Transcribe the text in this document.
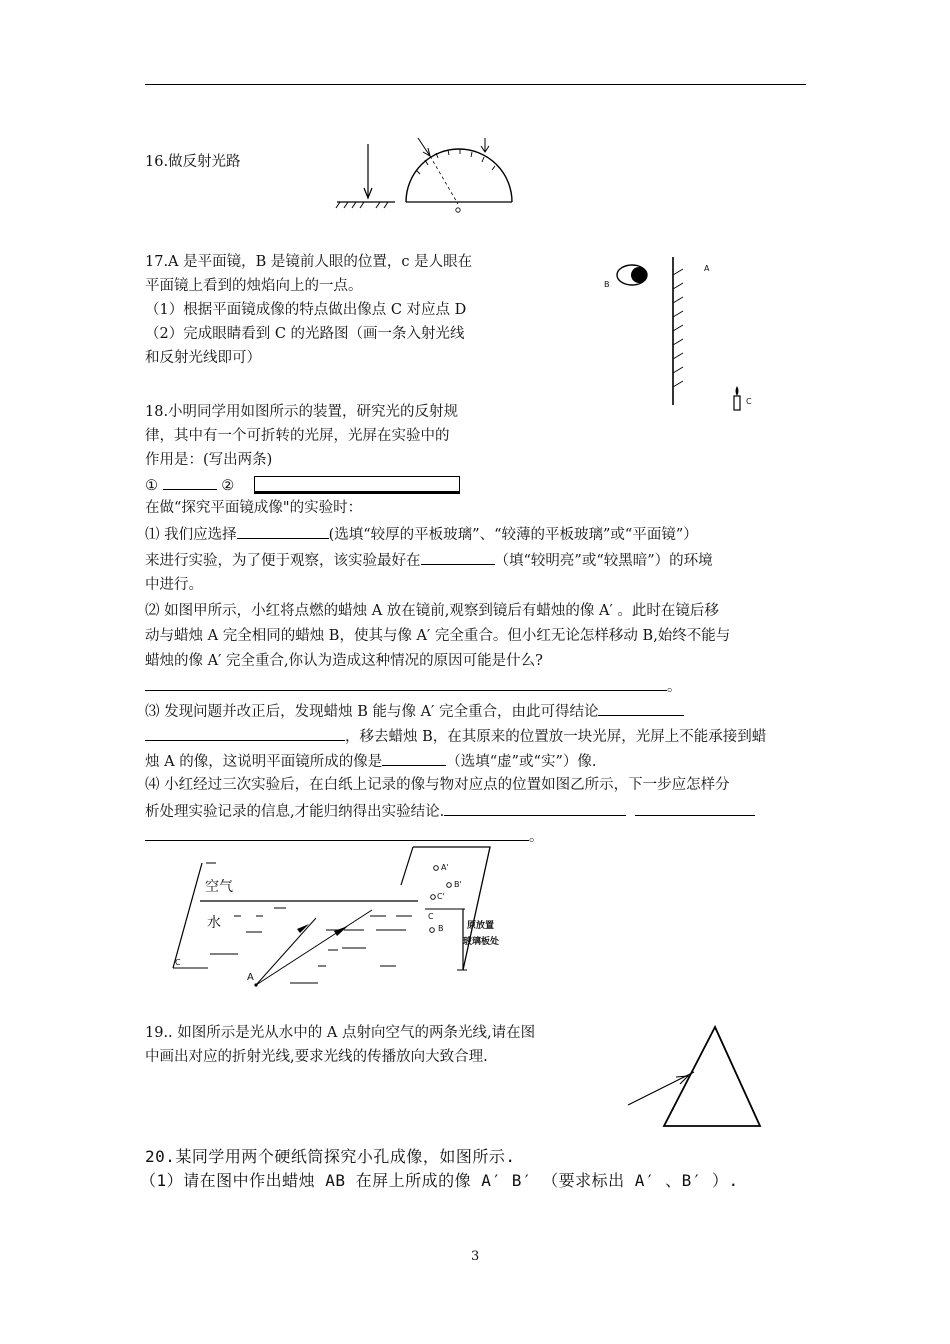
16.做反射光路
17.A 是平面镜，B 是镜前人眼的位置，c 是人眼在
平面镜上看到的烛焰向上的一点。
（1）根据平面镜成像的特点做出像点 C 对应点 D
（2）完成眼睛看到 C 的光路图（画一条入射光线
和反射光线即可）
B
A
C
18.小明同学用如图所示的装置，研究光的反射规
律，其中有一个可折转的光屏，光屏在实验中的
作用是：(写出两条)
①	②
在做“探究平面镜成像"的实验时：
⑴ 我们应选择	(选填“较厚的平板玻璃”、“较薄的平板玻璃”或“平面镜”）
来进行实验，为了便于观察，该实验最好在	（填“较明亮”或“较黑暗”）的环境
中进行。
⑵ 如图甲所示，小红将点燃的蜡烛 A 放在镜前,观察到镜后有蜡烛的像 A′ 。此时在镜后移
动与蜡烛 A 完全相同的蜡烛 B，使其与像 A′ 完全重合。但小红无论怎样移动 B,始终不能与
蜡烛的像 A′ 完全重合,你认为造成这种情况的原因可能是什么?
。
⑶ 发现问题并改正后，发现蜡烛 B 能与像 A′ 完全重合，由此可得结论
，移去蜡烛 B，在其原来的位置放一块光屏，光屏上不能承接到蜡
烛 A 的像，这说明平面镜所成的像是	（选填“虚”或“实”）像.
⑷ 小红经过三次实验后，在白纸上记录的像与物对应点的位置如图乙所示，下一步应怎样分
析处理实验记录的信息,才能归纳得出实验结论.
。
空气
水
A
C
A'
B'
C'
C
B	原放置
玻璃板处
19.. 如图所示是光从水中的 A 点射向空气的两条光线,请在图
中画出对应的折射光线,要求光线的传播放向大致合理.
20.某同学用两个硬纸筒探究小孔成像，如图所示.
（1）请在图中作出蜡烛 AB 在屏上所成的像 A′ B′ （要求标出 A′ 、B′ ）.
3
